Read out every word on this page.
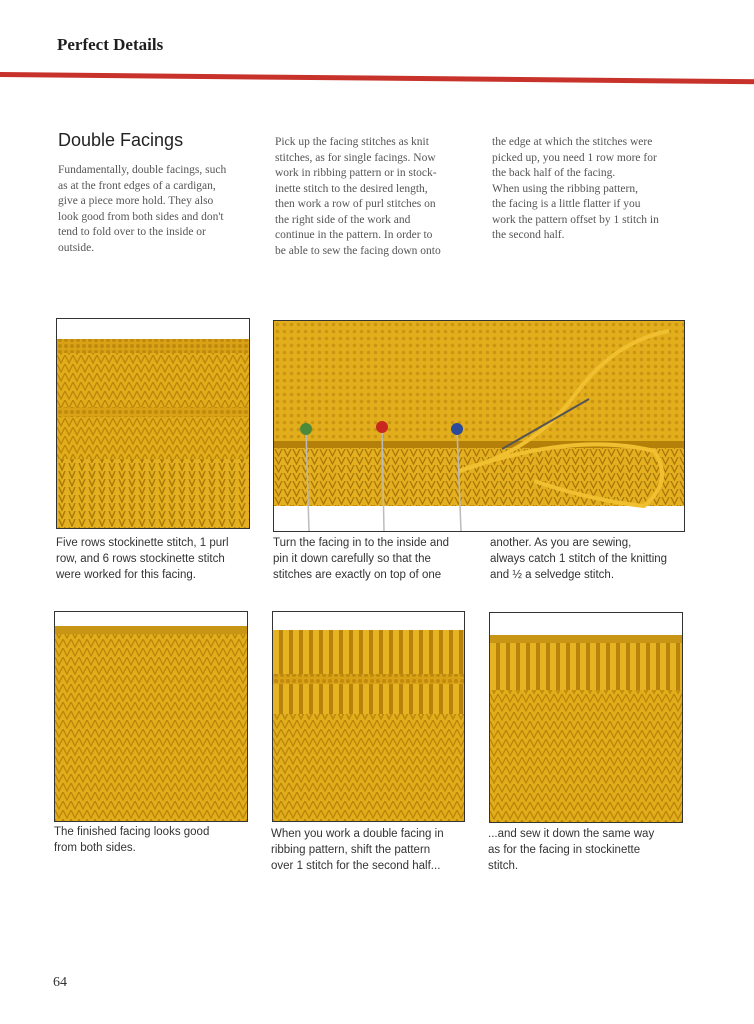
Perfect Details
Double Facings
Fundamentally, double facings, such
as at the front edges of a cardigan,
give a piece more hold. They also
look good from both sides and don't
tend to fold over to the inside or
outside.
Pick up the facing stitches as knit
stitches, as for single facings. Now
work in ribbing pattern or in stock-
inette stitch to the desired length,
then work a row of purl stitches on
the right side of the work and
continue in the pattern. In order to
be able to sew the facing down onto
the edge at which the stitches were
picked up, you need 1 row more for
the back half of the facing.
When using the ribbing pattern,
the facing is a little flatter if you
work the pattern offset by 1 stitch in
the second half.
Five rows stockinette stitch, 1 purl
row, and 6 rows stockinette stitch
were worked for this facing.
Turn the facing in to the inside and
pin it down carefully so that the
stitches are exactly on top of one
another. As you are sewing,
always catch 1 stitch of the knitting
and ½ a selvedge stitch.
The finished facing looks good
from both sides.
When you work a double facing in
ribbing pattern, shift the pattern
over 1 stitch for the second half...
...and sew it down the same way
as for the facing in stockinette
stitch.
64
